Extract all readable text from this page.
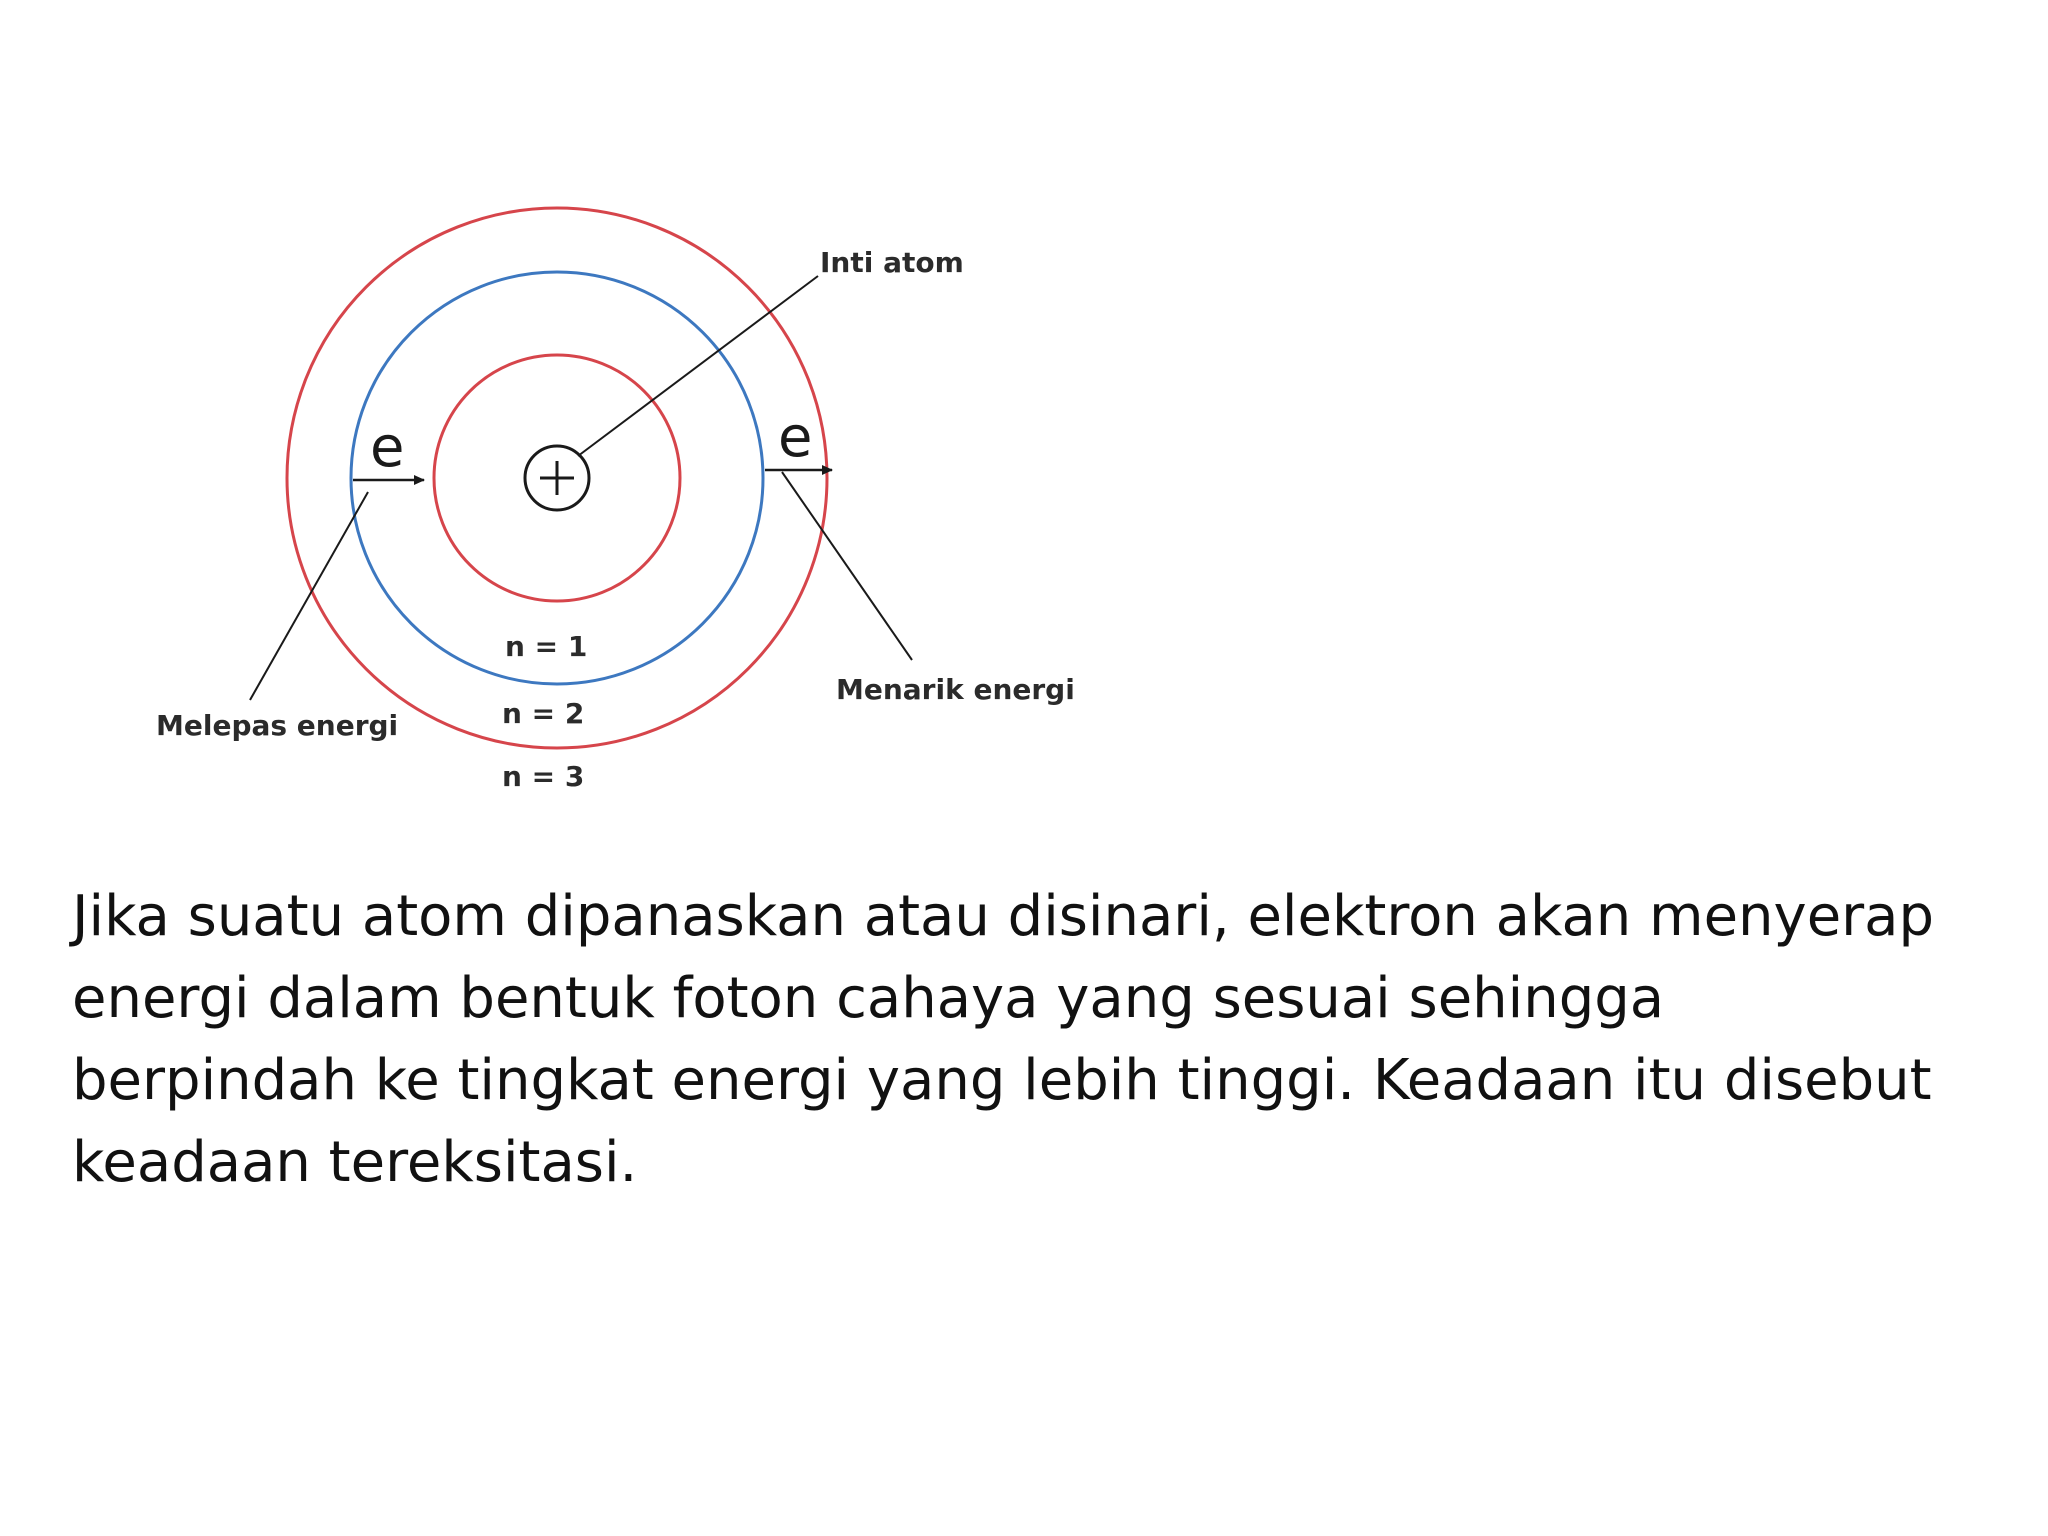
e	e
Inti atom
Melepas energi
Menarik energi
n = 1
n = 2
n = 3

Jika suatu atom dipanaskan atau disinari, elektron akan menyerap
energi dalam bentuk foton cahaya yang sesuai sehingga
berpindah ke tingkat energi yang lebih tinggi. Keadaan itu disebut
keadaan tereksitasi.
